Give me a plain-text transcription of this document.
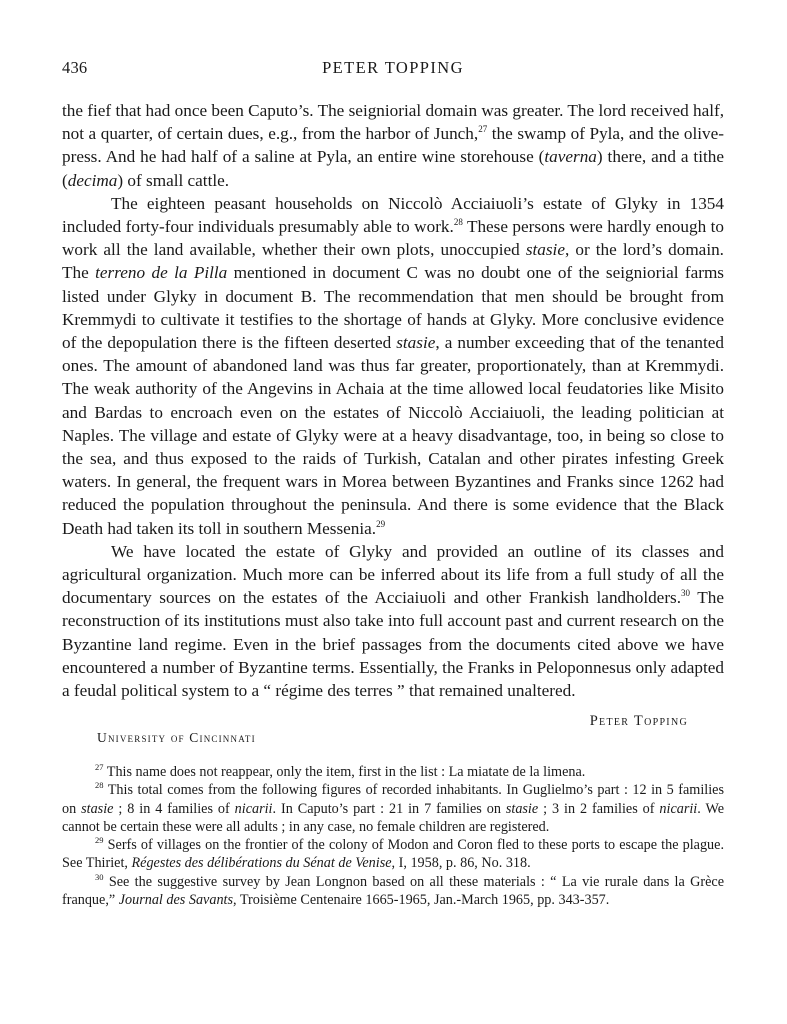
436	PETER TOPPING

the fief that had once been Caputo’s. The seigniorial domain was greater. The lord received half, not a quarter, of certain dues, e.g., from the harbor of Junch,$^{27}$ the swamp of Pyla, and the olive-press. And he had half of a saline at Pyla, an entire wine storehouse (taverna) there, and a tithe (decima) of small cattle.

The eighteen peasant households on Niccolò Acciaiuoli’s estate of Glyky in 1354 included forty-four individuals presumably able to work.$^{28}$ These persons were hardly enough to work all the land available, whether their own plots, unoccupied stasie, or the lord’s domain. The terreno de la Pilla mentioned in document C was no doubt one of the seigniorial farms listed under Glyky in document B. The recommendation that men should be brought from Kremmydi to cultivate it testifies to the shortage of hands at Glyky. More conclusive evidence of the depopulation there is the fifteen deserted stasie, a number exceeding that of the tenanted ones. The amount of abandoned land was thus far greater, proportionately, than at Kremmydi. The weak authority of the Angevins in Achaia at the time allowed local feudatories like Misito and Bardas to encroach even on the estates of Niccolò Acciaiuoli, the leading politician at Naples. The village and estate of Glyky were at a heavy disadvantage, too, in being so close to the sea, and thus exposed to the raids of Turkish, Catalan and other pirates infesting Greek waters. In general, the frequent wars in Morea between Byzantines and Franks since 1262 had reduced the population throughout the peninsula. And there is some evidence that the Black Death had taken its toll in southern Messenia.$^{29}$

We have located the estate of Glyky and provided an outline of its classes and agricultural organization. Much more can be inferred about its life from a full study of all the documentary sources on the estates of the Acciaiuoli and other Frankish landholders.$^{30}$ The reconstruction of its institutions must also take into full account past and current research on the Byzantine land regime. Even in the brief passages from the documents cited above we have encountered a number of Byzantine terms. Essentially, the Franks in Peloponnesus only adapted a feudal political system to a “ régime des terres ” that remained unaltered.

Peter Topping
University of Cincinnati

$^{27}$ This name does not reappear, only the item, first in the list : La miatate de la limena.

$^{28}$ This total comes from the following figures of recorded inhabitants. In Guglielmo’s part : 12 in 5 families on stasie ; 8 in 4 families of nicarii. In Caputo’s part : 21 in 7 families on stasie ; 3 in 2 families of nicarii. We cannot be certain these were all adults ; in any case, no female children are registered.

$^{29}$ Serfs of villages on the frontier of the colony of Modon and Coron fled to these ports to escape the plague. See Thiriet, Régestes des délibérations du Sénat de Venise, I, 1958, p. 86, No. 318.

$^{30}$ See the suggestive survey by Jean Longnon based on all these materials : “ La vie rurale dans la Grèce franque,” Journal des Savants, Troisième Centenaire 1665-1965, Jan.-March 1965, pp. 343-357.
